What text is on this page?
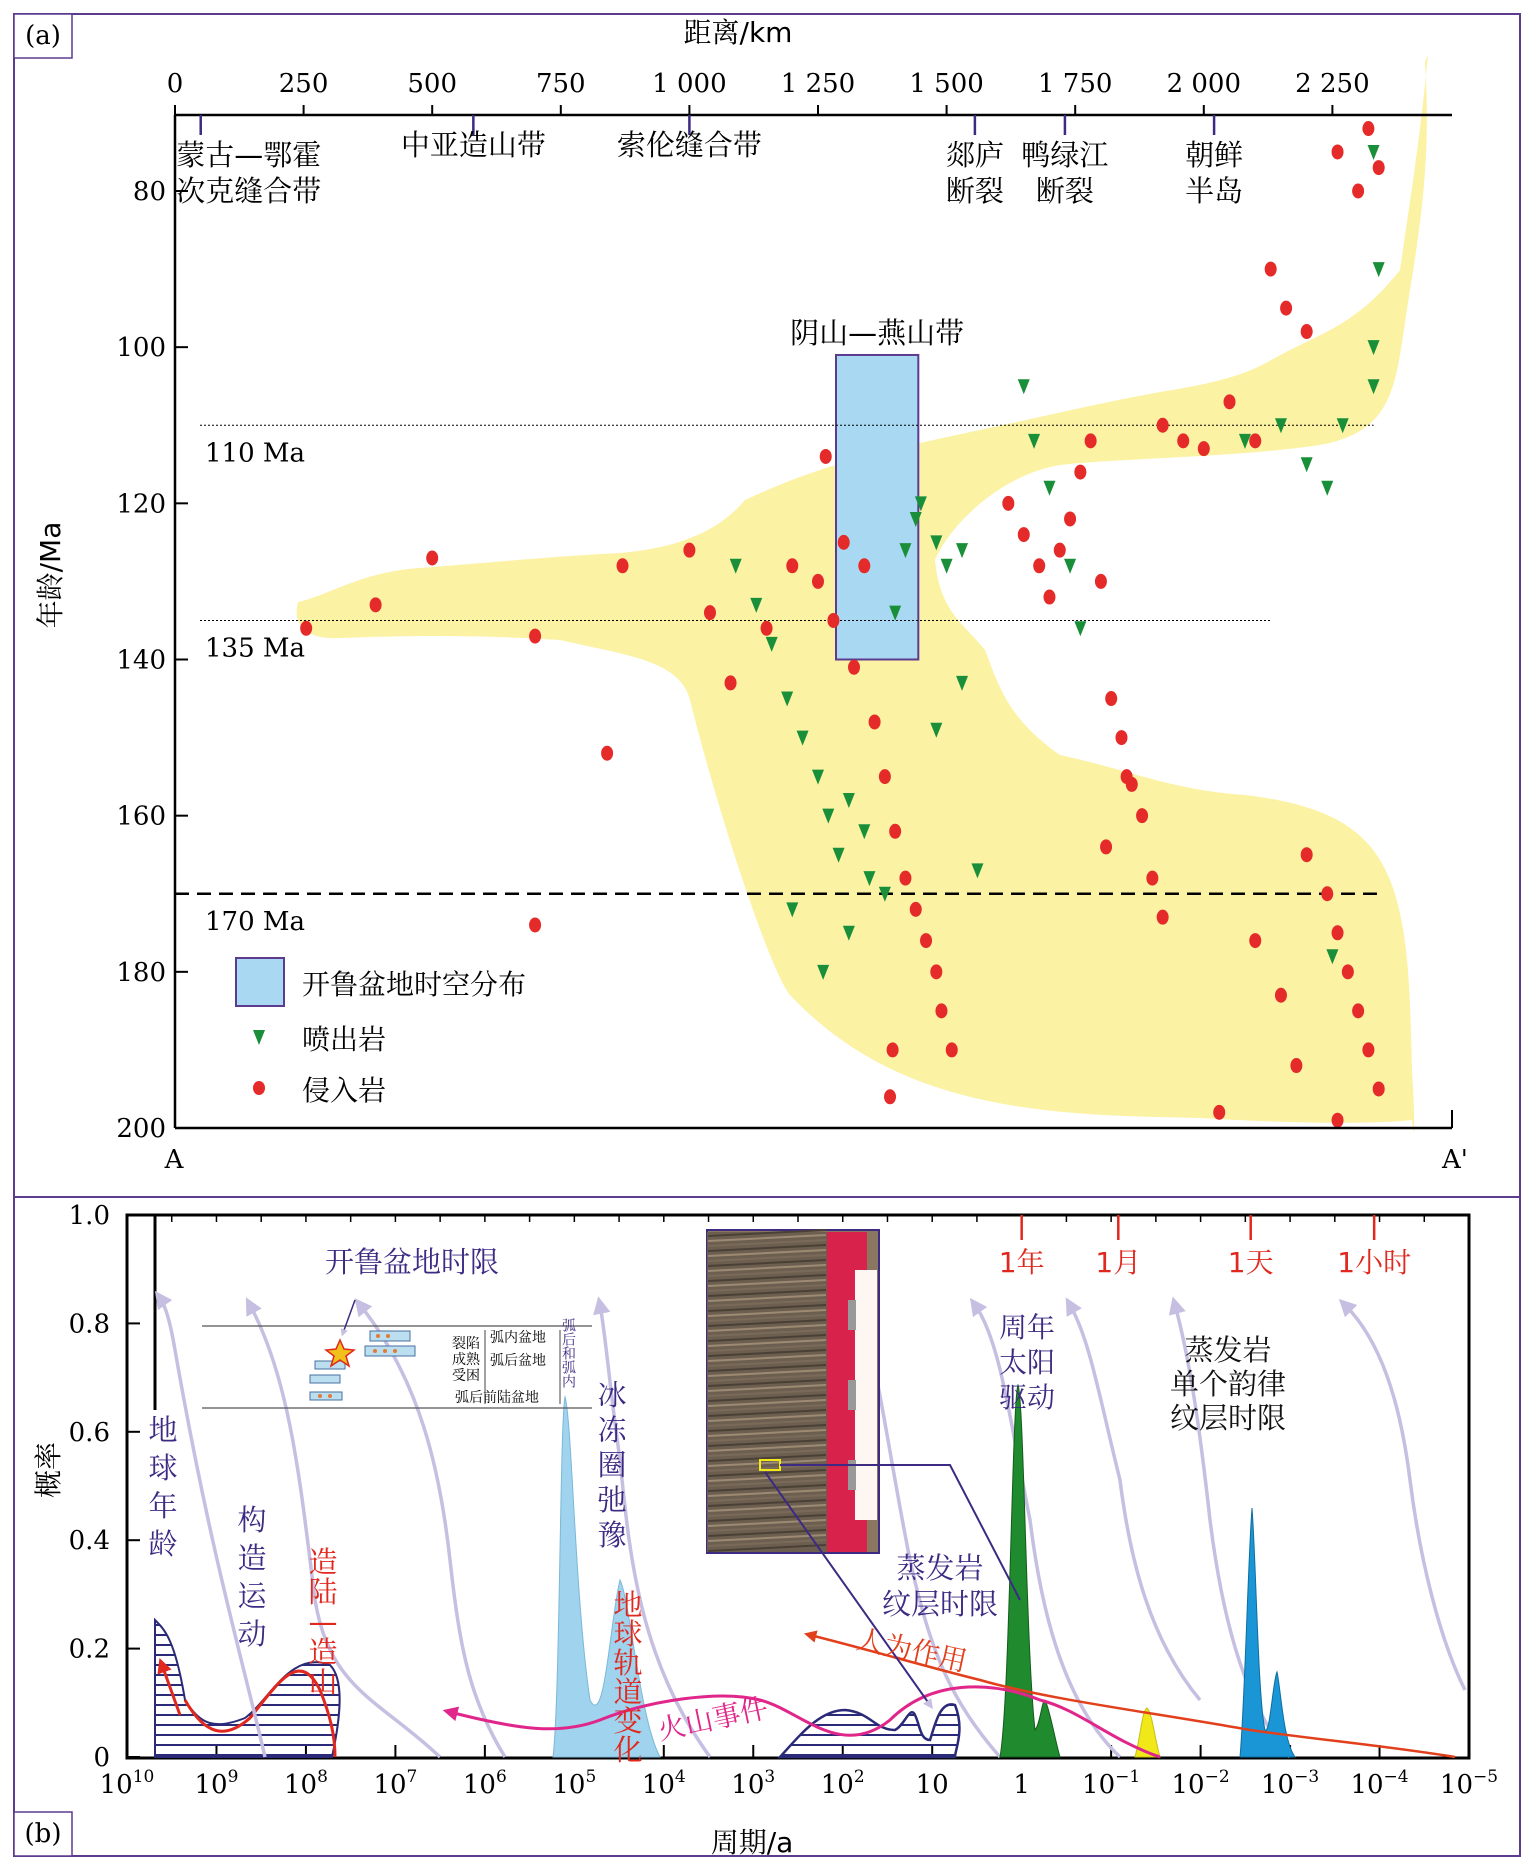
(a)	距离/km
年龄/Ma
阴山—燕山带
110 Ma
135 Ma
170 Ma
0	250	500	750	1 000 1 250 1 500 1 750 2 000 2 250
80
100
120
140
160
180
200
蒙古—鄂霍
次克缝合带
中亚造山带 索伦缝合带	郯庐
断裂
鸭绿江
断裂
朝鲜
半岛
A	A'
开鲁盆地时空分布
喷出岩
侵入岩
(b)	周期/a
概率
0
0.2
0.4
0.6
0.8
1.0
$10^{10}$ $10^9$ $10^8$ $10^7$ $10^6$ $10^5$ $10^4$ $10^3$ $10^2$ 10 1 $10^{-1}$ $10^{-2}$ $10^{-3}$ $10^{-4}$ $10^{-5}$
1年 1月	1天 1小时
弧内盆地
弧后盆地
弧后前陆盆地
裂陷
成熟
受困	弧后和弧内
开鲁盆地时限
地
球
年
龄
构
造
运
动
造
陆
—
造
山
冰
冻
圈
弛
豫
地
球
轨
道
变
化
周年
太阳
驱动
蒸发岩
单个韵律
纹层时限
蒸发岩
纹层时限
火山事件
人为作用
